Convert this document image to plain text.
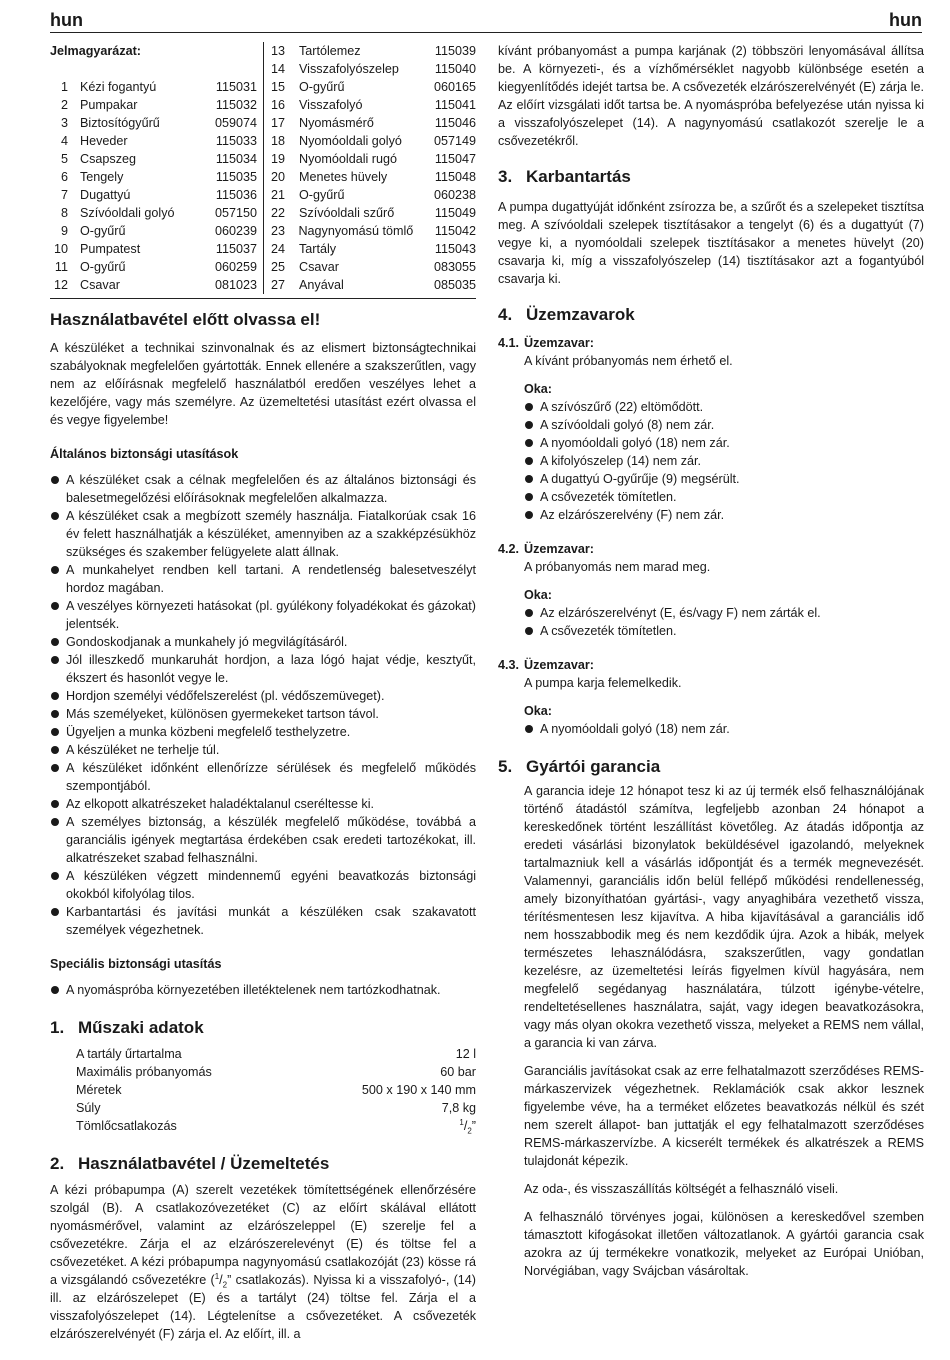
hun	hun
Jelmagyarázat:
1 Kézi fogantyú	115031
2 Pumpakar	115032
3 Biztosítógyűrű	059074
4 Heveder	115033
5 Csapszeg	115034
6 Tengely	115035
7 Dugattyú	115036
8 Szívóoldali golyó	057150
9 O-gyűrű	060239
10 Pumpatest	115037
11 O-gyűrű	060259
12 Csavar	081023
13	Tartólemez	115039
14	Visszafolyószelep	115040
15	O-gyűrű	060165
16	Visszafolyó	115041
17	Nyomásmérő	115046
18	Nyomóoldali golyó	057149
19	Nyomóoldali rugó	115047
20	Menetes hüvely	115048
21	O-gyűrű	060238
22	Szívóoldali szűrő	115049
23	Nagynyomású tömlő	115042
24	Tartály	115043
25	Csavar	083055
27	Anyával	085035
Használatbavétel előtt olvassa el!

A készüléket a technikai szinvonalnak és az elismert biztonságtechnikai szabályoknak megfelelően gyártották. Ennek ellenére a szakszerűtlen, vagy nem az előírásnak megfelelő használatból eredően veszélyes lehet a kezelőjére, vagy más személyre. Az üzemeltetési utasítást ezért olvassa el és vegye figyelembe!

Általános biztonsági utasítások
A készüléket csak a célnak megfelelően és az általános biztonsági és balesetmegelőzési előírásoknak megfelelően alkalmazza.
A készüléket csak a megbízott személy használja. Fiatalkorúak csak 16 év felett használhatják a készüléket, amennyiben az a szakképzésükhöz szükséges és szakember felügyelete alatt állnak.
A munkahelyet rendben kell tartani. A rendetlenség balesetveszélyt hordoz magában.
A veszélyes környezeti hatásokat (pl. gyúlékony folyadékokat és gázokat) jelentsék.
Gondoskodjanak a munkahely jó megvilágításáról.
Jól illeszkedő munkaruhát hordjon, a laza lógó hajat védje, kesztyűt, ékszert és hasonlót vegye le.
Hordjon személyi védőfelszerelést (pl. védőszemüveget).
Más személyeket, különösen gyermekeket tartson távol.
Ügyeljen a munka közbeni megfelelő testhelyzetre.
A készüléket ne terhelje túl.
A készüléket időnként ellenőrízze sérülések és megfelelő működés szempontjából.
Az elkopott alkatrészeket haladéktalanul cseréltesse ki.
A személyes biztonság, a készülék megfelelő működése, továbbá a garanciális igények megtartása érdekében csak eredeti tartozékokat, ill. alkatrészeket szabad felhasználni.
A készüléken végzett mindennemű egyéni beavatkozás biztonsági okokból kifolyólag tilos.
Karbantartási és javítási munkát a készüléken csak szakavatott személyek végezhetnek.
Speciális biztonsági utasítás
A nyomáspróba környezetében illetéktelenek nem tartózkodhatnak.
1. Műszaki adatok
A tartály űrtartalma	12 l
Maximális próbanyomás	60 bar
Méretek	500 x 190 x 140 mm
Súly	7,8 kg
Tömlőcsatlakozás	$^1/_2$”
2. Használatbavétel / Üzemeltetés

A kézi próbapumpa (A) szerelt vezetékek tömítettségének ellenőrzésére szolgál (B). A csatlakozóvezetéket (C) az előírt skálával ellátott nyomásmérővel, valamint az elzárószeleppel (E) szerelje fel a csővezetékre. Zárja el az elzárószerelevényt (E) és töltse fel a csővezetéket. A kézi próbapumpa nagynyomású csatlakozóját (23) kösse rá a vizsgálandó csővezetékre ($^1/_2$” csatlakozás). Nyissa ki a visszafolyó-, (14) ill. az elzárószelepet (E) és a tartályt (24) töltse fel. Zárja el a visszafolyószelepet (14). Légtelenítse a csővezetéket. A csővezeték elzárószerelvényét (F) zárja el. Az előírt, ill. a

kívánt próbanyomást a pumpa karjának (2) többszöri lenyomásával állítsa be. A környezeti-, és a vízhőmérséklet nagyobb különbsége esetén a kiegyenlítődés idejét tartsa be. A csővezeték elzárószerelvényét (E) zárja le. Az előírt vizsgálati időt tartsa be. A nyomáspróba befelyezése után nyissa ki a visszafolyószelepet (14). A nagynyomású csatlakozót szerelje le a csővezetékről.

3. Karbantartás

A pumpa dugattyúját időnként zsírozza be, a szűrőt és a szelepeket tisztítsa meg. A szívóoldali szelepek tisztításakor a tengelyt (6) és a dugattyút (7) vegye ki, a nyomóoldali szelepek tisztításakor a menetes hüvelyt (20) csavarja ki, míg a visszafolyószelep (14) tisztításakor azt a fogantyúból csavarja ki.

4. Üzemzavarok
4.1. Üzemzavar:
A kívánt próbanyomás nem érhető el.
Oka:
A szívószűrő (22) eltömődött.
A szívóoldali golyó (8) nem zár.
A nyomóoldali golyó (18) nem zár.
A kifolyószelep (14) nem zár.
A dugattyú O-gyűrűje (9) megsérült.
A csővezeték tömítetlen.
Az elzárószerelvény (F) nem zár.
4.2. Üzemzavar:
A próbanyomás nem marad meg.
Oka:
Az elzárószerelvényt (E, és/vagy F) nem zárták el.
A csővezeték tömítetlen.
4.3. Üzemzavar:
A pumpa karja felemelkedik.
Oka:
A nyomóoldali golyó (18) nem zár.
5. Gyártói garancia

A garancia ideje 12 hónapot tesz ki az új termék első felhasználójának történő átadástól számítva, legfeljebb azonban 24 hónapot a kereskedőnek történt leszállítást követőleg. Az átadás időpontja az eredeti vásárlási bizonylatok beküldésével igazolandó, melyeknek tartalmazniuk kell a vásárlás időpontját és a termék megnevezését. Valamennyi, garanciális időn belül fellépő működési rendellenesség, amely bizonyíthatóan gyártási-, vagy anyaghibára vezethető vissza, térítésmentesen lesz kijavítva. A hiba kijavításával a garanciális idő nem hosszabbodik meg és nem kezdődik újra. Azok a hibák, melyek természetes lehasználódásra, szakszerűtlen, vagy gondatlan kezelésre, az üzemeltetési leírás figyelmen kívül hagyására, nem megfelelő segédanyag használatára, túlzott igénybe-vételre, rendeltetésellenes használatra, saját, vagy idegen beavatkozásokra, vagy más olyan okokra vezethető vissza, melyeket a REMS nem vállal, a garancia ki van zárva.

Garanciális javításokat csak az erre felhatalmazott szerződéses REMS-márkaszervizek végezhetnek. Reklamációk csak akkor lesznek figyelembe véve, ha a terméket előzetes beavatkozás nélkül és szét nem szerelt állapot- ban juttatják el egy felhatalmazott szerződéses REMS-márkaszervízbe. A kicserélt termékek és alkatrészek a REMS tulajdonát képezik.

Az oda-, és visszaszállítás költségét a felhasználó viseli.

A felhasználó törvényes jogai, különösen a kereskedővel szemben támasztott kifogásokat illetően változatlanok. A gyártói garancia csak azokra az új termékekre vonatkozik, melyeket az Európai Unióban, Norvégiában, vagy Svájcban vásároltak.
